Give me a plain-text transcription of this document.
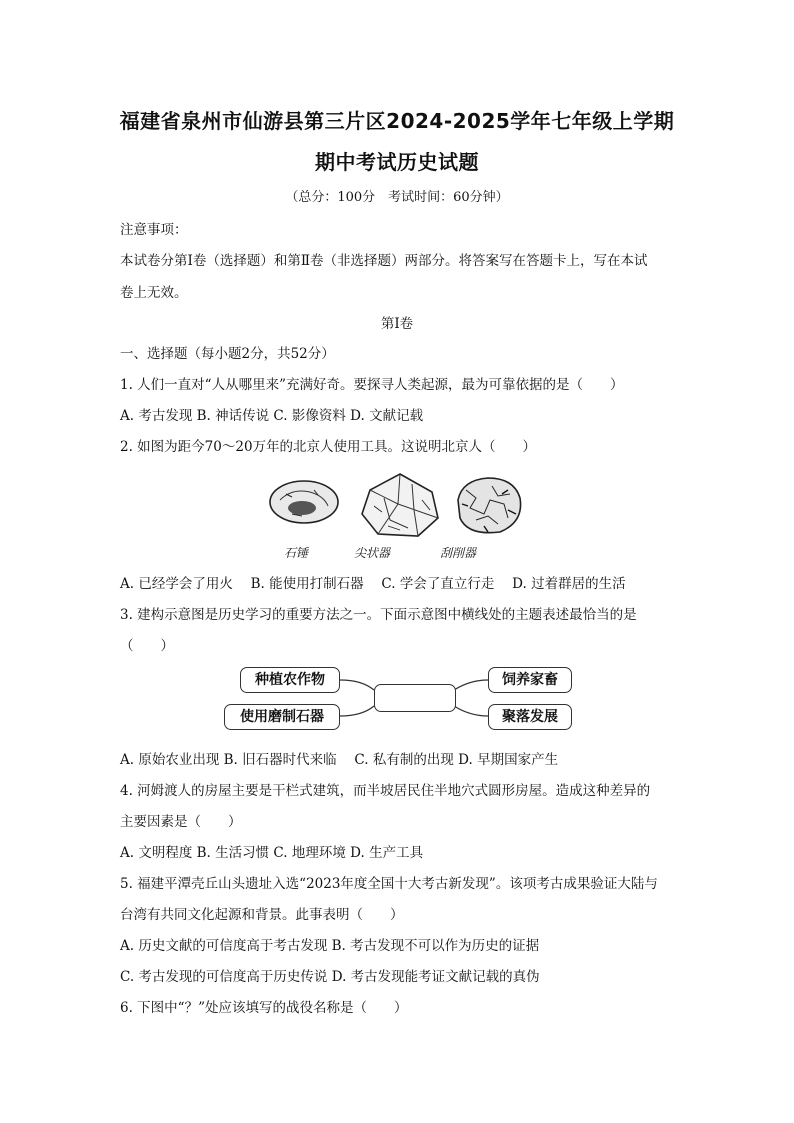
福建省泉州市仙游县第三片区2024-2025学年七年级上学期
期中考试历史试题

（总分：100分　考试时间：60分钟）

注意事项：

本试卷分第Ⅰ卷（选择题）和第Ⅱ卷（非选择题）两部分。将答案写在答题卡上，写在本试

卷上无效。

第Ⅰ卷

一、选择题（每小题2分，共52分）

1. 人们一直对“人从哪里来”充满好奇。要探寻人类起源，最为可靠依据的是（　　）

A. 考古发现 B. 神话传说 C. 影像资料 D. 文献记载

2. 如图为距今70～20万年的北京人使用工具。这说明北京人（　　）

石锤	尖状器	刮削器

A. 已经学会了用火　 B. 能使用打制石器　 C. 学会了直立行走　 D. 过着群居的生活

3. 建构示意图是历史学习的重要方法之一。下面示意图中横线处的主题表述最恰当的是

（　　）

种植农作物
使用磨制石器
饲养家畜
聚落发展

A. 原始农业出现 B. 旧石器时代来临　 C. 私有制的出现 D. 早期国家产生

4. 河姆渡人的房屋主要是干栏式建筑，而半坡居民住半地穴式圆形房屋。造成这种差异的

主要因素是（　　）

A. 文明程度 B. 生活习惯 C. 地理环境 D. 生产工具

5. 福建平潭壳丘山头遗址入选“2023年度全国十大考古新发现”。该项考古成果验证大陆与

台湾有共同文化起源和背景。此事表明（　　）

A. 历史文献的可信度高于考古发现 B. 考古发现不可以作为历史的证据

C. 考古发现的可信度高于历史传说 D. 考古发现能考证文献记载的真伪

6. 下图中“？”处应该填写的战役名称是（　　）
